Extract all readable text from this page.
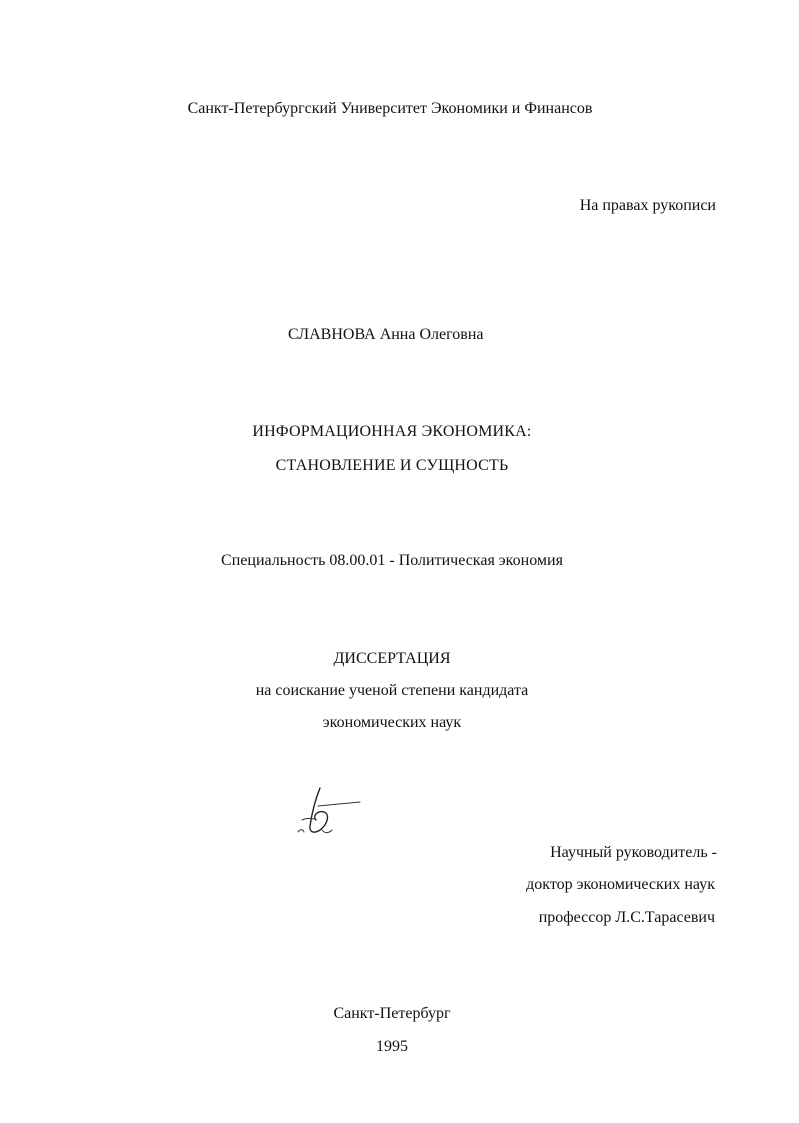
Санкт-Петербургский Университет Экономики и Финансов
На правах рукописи
СЛАВНОВА Анна Олеговна
ИНФОРМАЦИОННАЯ ЭКОНОМИКА:
СТАНОВЛЕНИЕ И СУЩНОСТЬ
Специальность 08.00.01 - Политическая экономия
ДИССЕРТАЦИЯ
на соискание ученой степени кандидата
экономических наук
Научный руководитель -
доктор экономических наук
профессор Л.С.Тарасевич
Санкт-Петербург
1995
